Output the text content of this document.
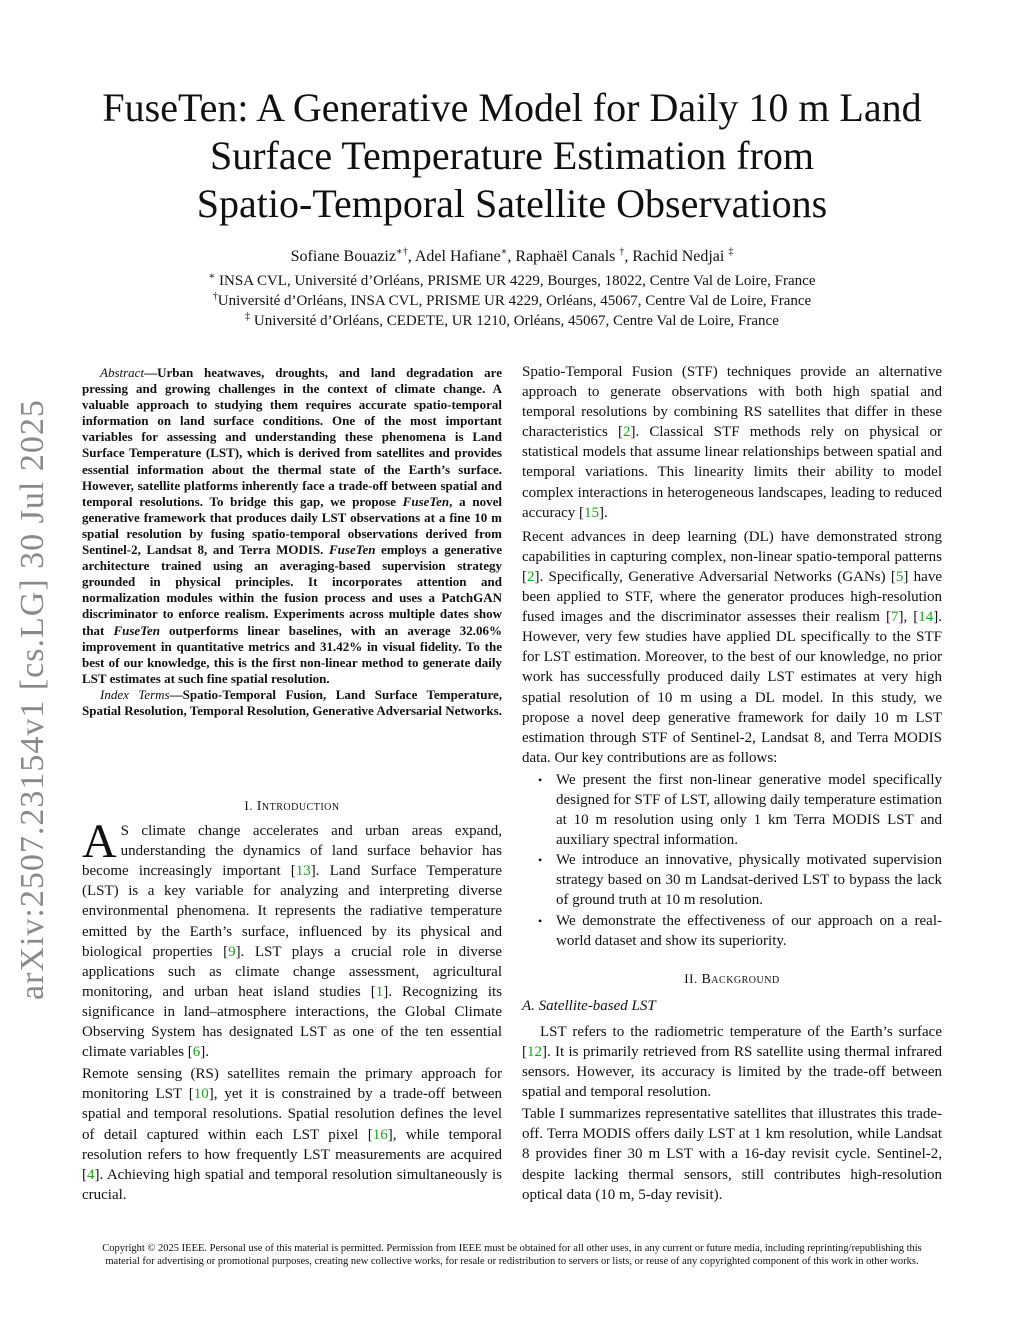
arXiv:2507.23154v1 [cs.LG] 30 Jul 2025
FuseTen: A Generative Model for Daily 10 m Land
Surface Temperature Estimation from
Spatio-Temporal Satellite Observations
Sofiane Bouaziz∗†, Adel Hafiane∗, Raphaël Canals †, Rachid Nedjai ‡
∗ INSA CVL, Université d’Orléans, PRISME UR 4229, Bourges, 18022, Centre Val de Loire, France
†Université d’Orléans, INSA CVL, PRISME UR 4229, Orléans, 45067, Centre Val de Loire, France
‡ Université d’Orléans, CEDETE, UR 1210, Orléans, 45067, Centre Val de Loire, France

Abstract—Urban heatwaves, droughts, and land degradation are pressing and growing challenges in the context of climate change. A valuable approach to studying them requires accurate spatio-temporal information on land surface conditions. One of the most important variables for assessing and understanding these phenomena is Land Surface Temperature (LST), which is derived from satellites and provides essential information about the thermal state of the Earth’s surface. However, satellite platforms inherently face a trade-off between spatial and temporal resolutions. To bridge this gap, we propose FuseTen, a novel generative framework that produces daily LST observations at a fine 10 m spatial resolution by fusing spatio-temporal observations derived from Sentinel-2, Landsat 8, and Terra MODIS. FuseTen employs a generative architecture trained using an averaging-based supervision strategy grounded in physical principles. It incorporates attention and normalization modules within the fusion process and uses a PatchGAN discriminator to enforce realism. Experiments across multiple dates show that FuseTen outperforms linear baselines, with an average 32.06% improvement in quantitative metrics and 31.42% in visual fidelity. To the best of our knowledge, this is the first non-linear method to generate daily LST estimates at such fine spatial resolution.

Index Terms—Spatio-Temporal Fusion, Land Surface Temperature, Spatial Resolution, Temporal Resolution, Generative Adversarial Networks.

I. Introduction

A S climate change accelerates and urban areas expand, understanding the dynamics of land surface behavior has become increasingly important [13]. Land Surface Temperature (LST) is a key variable for analyzing and interpreting diverse environmental phenomena. It represents the radiative temperature emitted by the Earth’s surface, influenced by its physical and biological properties [9]. LST plays a crucial role in diverse applications such as climate change assessment, agricultural monitoring, and urban heat island studies [1]. Recognizing its significance in land–atmosphere interactions, the Global Climate Observing System has designated LST as one of the ten essential climate variables [6].

Remote sensing (RS) satellites remain the primary approach for monitoring LST [10], yet it is constrained by a trade-off between spatial and temporal resolutions. Spatial resolution defines the level of detail captured within each LST pixel [16], while temporal resolution refers to how frequently LST measurements are acquired [4]. Achieving high spatial and temporal resolution simultaneously is crucial.

Spatio-Temporal Fusion (STF) techniques provide an alternative approach to generate observations with both high spatial and temporal resolutions by combining RS satellites that differ in these characteristics [2]. Classical STF methods rely on physical or statistical models that assume linear relationships between spatial and temporal variations. This linearity limits their ability to model complex interactions in heterogeneous landscapes, leading to reduced accuracy [15].

Recent advances in deep learning (DL) have demonstrated strong capabilities in capturing complex, non-linear spatio-temporal patterns [2]. Specifically, Generative Adversarial Networks (GANs) [5] have been applied to STF, where the generator produces high-resolution fused images and the discriminator assesses their realism [7], [14]. However, very few studies have applied DL specifically to the STF for LST estimation. Moreover, to the best of our knowledge, no prior work has successfully produced daily LST estimates at very high spatial resolution of 10 m using a DL model. In this study, we propose a novel deep generative framework for daily 10 m LST estimation through STF of Sentinel-2, Landsat 8, and Terra MODIS data. Our key contributions are as follows:

• We present the first non-linear generative model specifically designed for STF of LST, allowing daily temperature estimation at 10 m resolution using only 1 km Terra MODIS LST and auxiliary spectral information.
• We introduce an innovative, physically motivated supervision strategy based on 30 m Landsat-derived LST to bypass the lack of ground truth at 10 m resolution.
• We demonstrate the effectiveness of our approach on a real-world dataset and show its superiority.
II. Background

A. Satellite-based LST

LST refers to the radiometric temperature of the Earth’s surface [12]. It is primarily retrieved from RS satellite using thermal infrared sensors. However, its accuracy is limited by the trade-off between spatial and temporal resolution.

Table I summarizes representative satellites that illustrates this trade-off. Terra MODIS offers daily LST at 1 km resolution, while Landsat 8 provides finer 30 m LST with a 16-day revisit cycle. Sentinel-2, despite lacking thermal sensors, still contributes high-resolution optical data (10 m, 5-day revisit).

Copyright © 2025 IEEE. Personal use of this material is permitted. Permission from IEEE must be obtained for all other uses, in any current or future media, including reprinting/republishing this material for advertising or promotional purposes, creating new collective works, for resale or redistribution to servers or lists, or reuse of any copyrighted component of this work in other works.
